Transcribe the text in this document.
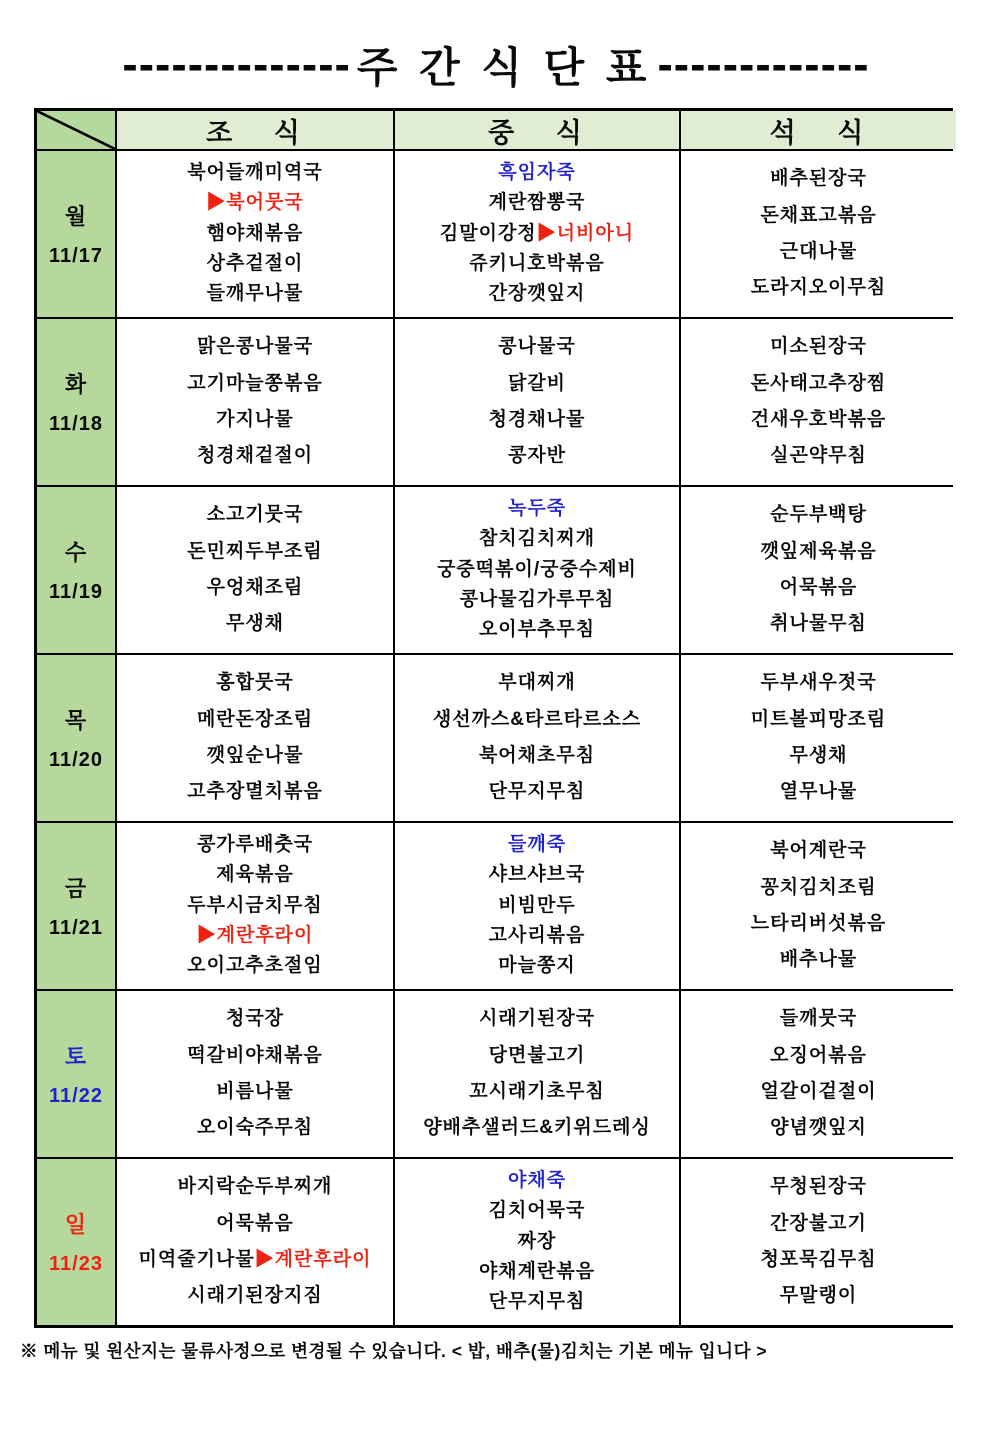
-------------- 주 간 식 단 표 -------------
조 식	중 식	석 식
월
11/17
북어들깨미역국
▶북어뭇국
햄야채볶음
상추겉절이
들깨무나물
흑임자죽
계란짬뽕국
김말이강정▶너비아니
쥬키니호박볶음
간장깻잎지
배추된장국
돈채표고볶음
근대나물
도라지오이무침
화
11/18
맑은콩나물국
고기마늘쫑볶음
가지나물
청경채겉절이
콩나물국
닭갈비
청경채나물
콩자반
미소된장국
돈사태고추장찜
건새우호박볶음
실곤약무침
수
11/19
소고기뭇국
돈민찌두부조림
우엉채조림
무생채
녹두죽
참치김치찌개
궁중떡볶이/궁중수제비
콩나물김가루무침
오이부추무침
순두부백탕
깻잎제육볶음
어묵볶음
취나물무침
목
11/20
홍합뭇국
메란돈장조림
깻잎순나물
고추장멸치볶음
부대찌개
생선까스&타르타르소스
북어채초무침
단무지무침
두부새우젓국
미트볼피망조림
무생채
열무나물
금
11/21
콩가루배춧국
제육볶음
두부시금치무침
▶계란후라이
오이고추초절임
들깨죽
샤브샤브국
비빔만두
고사리볶음
마늘쫑지
북어계란국
꽁치김치조림
느타리버섯볶음
배추나물
토
11/22
청국장
떡갈비야채볶음
비름나물
오이숙주무침
시래기된장국
당면불고기
꼬시래기초무침
양배추샐러드&키위드레싱
들깨뭇국
오징어볶음
얼갈이겉절이
양념깻잎지
일
11/23
바지락순두부찌개
어묵볶음
미역줄기나물▶계란후라이
시래기된장지짐
야채죽
김치어묵국
짜장
야채계란볶음
단무지무침
무청된장국
간장불고기
청포묵김무침
무말랭이
※ 메뉴 및 원산지는 물류사정으로 변경될 수 있습니다. < 밥, 배추(물)김치는 기본 메뉴 입니다 >
